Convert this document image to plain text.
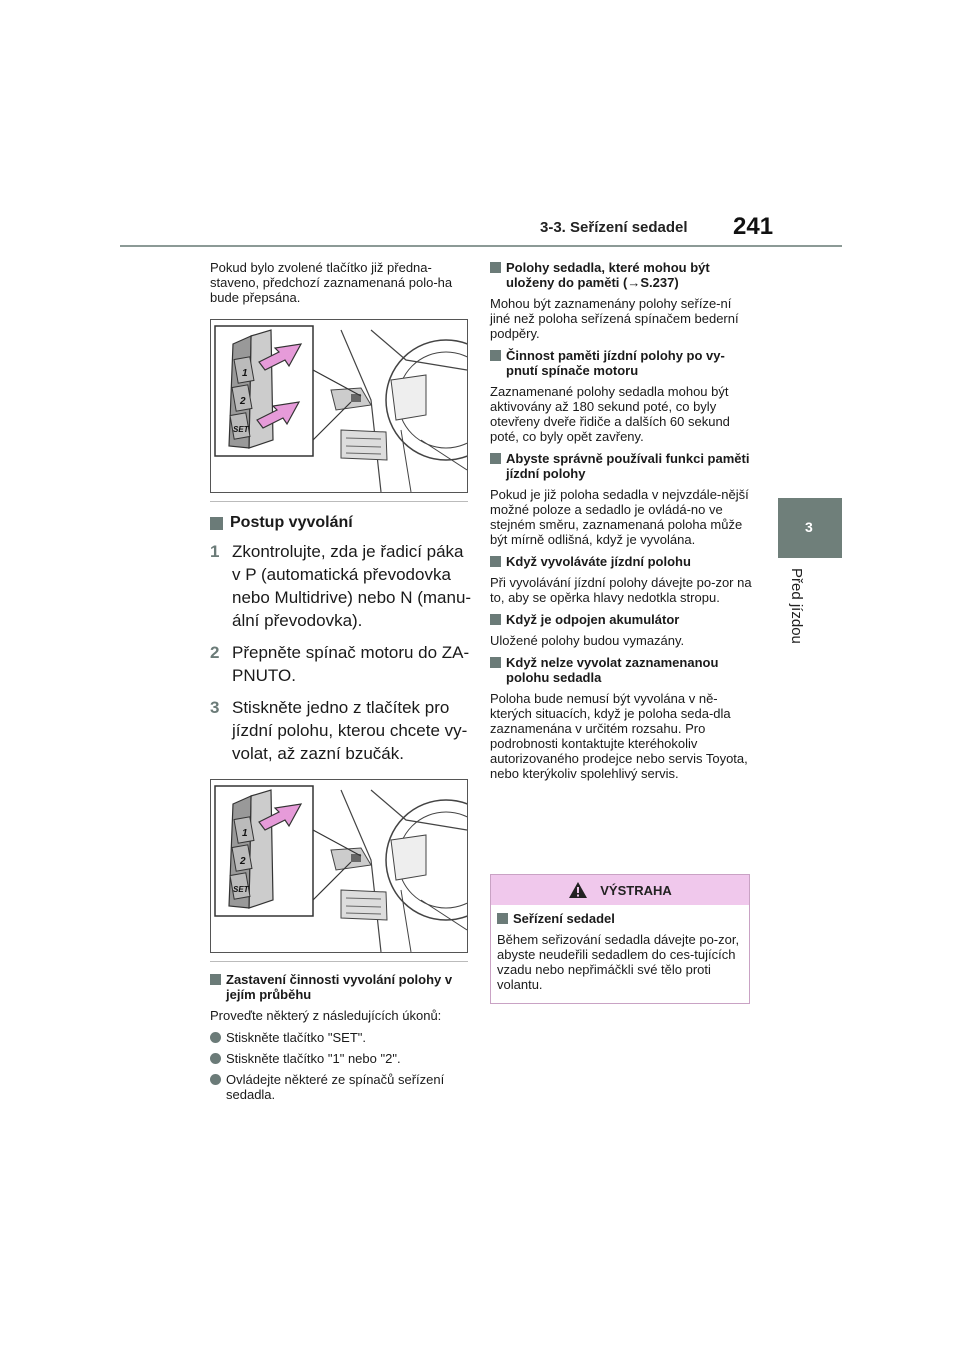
3-3. Seřízení sedadel 241
3
Před jízdou

Pokud bylo zvolené tlačítko již předna-staveno, předchozí zaznamenaná polo-ha bude přepsána.

1
2
SET
Postup vyvolání
1 Zkontrolujte, zda je řadicí páka v P (automatická převodovka nebo Multidrive) nebo N (manu-ální převodovka).
2 Přepněte spínač motoru do ZA-PNUTO.
3 Stiskněte jedno z tlačítek pro jízdní polohu, kterou chcete vy-volat, až zazní bzučák.
1
2
SET
Zastavení činnosti vyvolání polohy v jejím průběhu

Proveďte některý z následujících úkonů:

Stiskněte tlačítko "SET".
Stiskněte tlačítko "1" nebo "2".
Ovládejte některé ze spínačů seřízení sedadla.
Polohy sedadla, které mohou být uloženy do paměti (→S.237)

Mohou být zaznamenány polohy seříze-ní jiné než poloha seřízená spínačem bederní podpěry.

Činnost paměti jízdní polohy po vy-pnutí spínače motoru

Zaznamenané polohy sedadla mohou být aktivovány až 180 sekund poté, co byly otevřeny dveře řidiče a dalších 60 sekund poté, co byly opět zavřeny.

Abyste správně používali funkci paměti jízdní polohy

Pokud je již poloha sedadla v nejvzdále-nější možné poloze a sedadlo je ovládá-no ve stejném směru, zaznamenaná poloha může být mírně odlišná, když je vyvolána.

Když vyvoláváte jízdní polohu

Při vyvolávání jízdní polohy dávejte po-zor na to, aby se opěrka hlavy nedotkla stropu.

Když je odpojen akumulátor

Uložené polohy budou vymazány.

Když nelze vyvolat zaznamenanou polohu sedadla

Poloha bude nemusí být vyvolána v ně-kterých situacích, když je poloha seda-dla zaznamenána v určitém rozsahu. Pro podrobnosti kontaktujte kteréhokoliv autorizovaného prodejce nebo servis Toyota, nebo kterýkoliv spolehlivý servis.

VÝSTRAHA
Seřízení sedadel

Během seřizování sedadla dávejte po-zor, abyste neudeřili sedadlem do ces-tujících vzadu nebo nepřimáčkli své tělo proti volantu.
